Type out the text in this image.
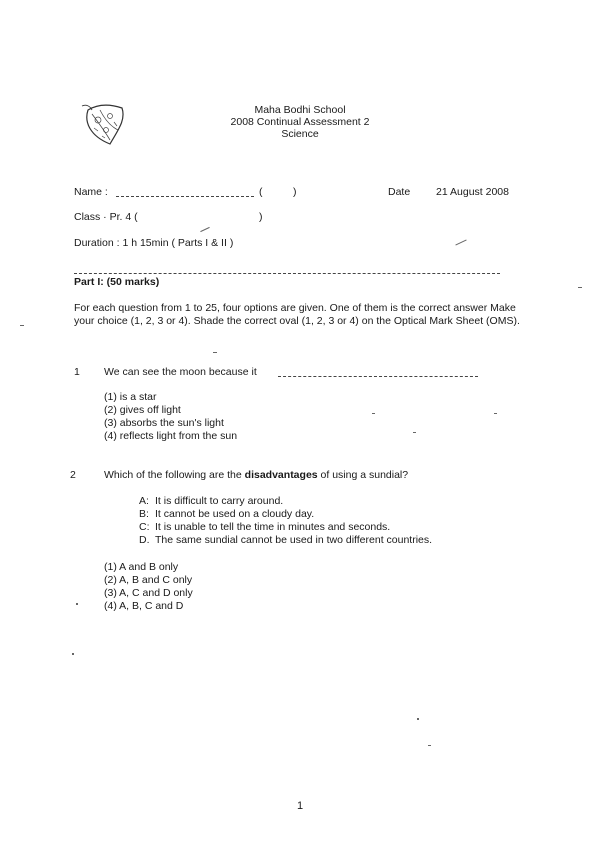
Maha Bodhi School
2008 Continual Assessment 2
Science
Name :	(	)	Date 21 August 2008
Class · Pr. 4 (	)
Duration : 1 h 15min ( Parts I & II )
Part I: (50 marks)
For each question from 1 to 25, four options are given. One of them is the correct answer Make your choice (1, 2, 3 or 4). Shade the correct oval (1, 2, 3 or 4) on the Optical Mark Sheet (OMS).
1 We can see the moon because it
(1) is a star
(2) gives off light
(3) absorbs the sun's light
(4) reflects light from the sun
2	Which of the following are the disadvantages of using a sundial?
A: It is difficult to carry around.
B: It cannot be used on a cloudy day.
C: It is unable to tell the time in minutes and seconds.
D. The same sundial cannot be used in two different countries.
(1) A and B only
(2) A, B and C only
(3) A, C and D only
(4) A, B, C and D
1
